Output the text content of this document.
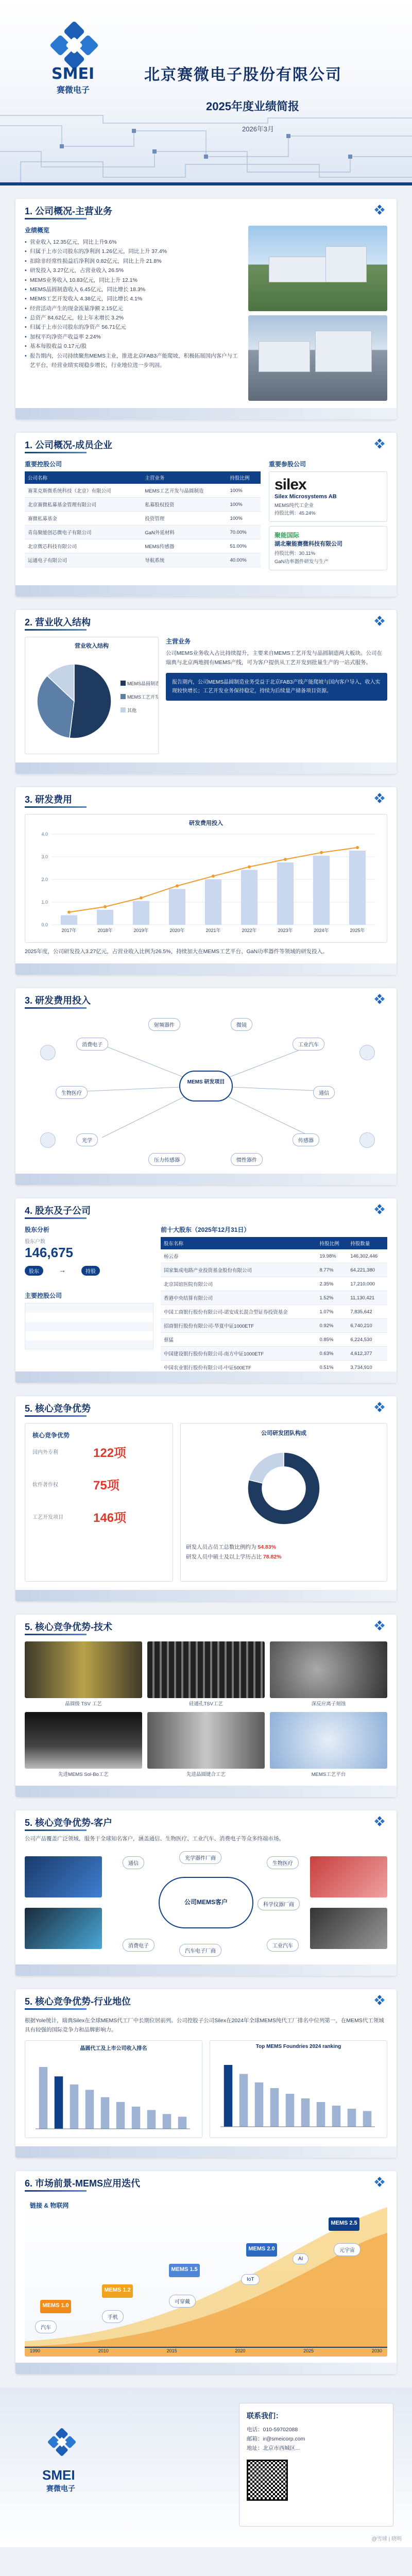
SMEI
赛微电子
北京赛微电子股份有限公司
2025年度业绩简报
2026年3月
1. 公司概况-主营业务
业绩概览
• 营业收入 12.35亿元，同比上升9.6%
• 归属于上市公司股东的净利润 1.26亿元，同比上升 37.4%
• 扣除非经常性损益后净利润 0.82亿元，同比上升 21.8%
• 研发投入 3.27亿元，占营业收入 26.5%
• MEMS业务收入 10.83亿元，同比上升 12.1%
• MEMS晶圆制造收入 6.45亿元，同比增长 18.3%
• MEMS工艺开发收入 4.38亿元，同比增长 4.1%
• 经营活动产生的现金流量净额 2.15亿元
• 总资产 84.62亿元，较上年末增长 3.2%
• 归属于上市公司股东的净资产 56.71亿元
• 加权平均净资产收益率 2.24%
• 基本每股收益 0.17元/股
• 报告期内，公司持续聚焦MEMS主业，推进北京FAB3产能爬坡，积极拓展国内客户与工艺平台，经营业绩实现稳步增长，行业地位进一步巩固。
1. 公司概况-成员企业
重要控股公司
公司名称	主营业务	持股比例
赛莱克斯微系统科技（北京）有限公司	MEMS工艺开发与晶圆制造	100%
北京赛微私募基金管理有限公司	私募股权投资	100%
赛微私募基金	投资管理	100%
青岛聚能创芯微电子有限公司	GaN外延材料	70.00%
北京微芯科技有限公司	MEMS传感器	51.00%
运通电子有限公司	导航系统	40.00%
重要参股公司
silex
Silex Microsystems AB
MEMS纯代工企业
持股比例：45.24%
聚能国际
湖北聚能赛微科技有限公司
持股比例：30.11%
GaN功率器件研发与生产
2. 营业收入结构
营业收入结构
MEMS晶圆制造
MEMS工艺开发
其他
主营业务
公司MEMS业务收入占比持续提升，主要来自MEMS工艺开发与晶圆制造两大板块。公司在瑞典与北京两地拥有MEMS产线，可为客户提供从工艺开发到批量生产的一站式服务。
报告期内，公司MEMS晶圆制造业务受益于北京FAB3产线产能爬坡与国内客户导入，收入实现较快增长；工艺开发业务保持稳定，持续为后续量产储备项目资源。
3. 研发费用
研发费用投入
0.0
1.0
2.0
3.0
4.0
2017年	2018年	2019年	2020年	2021年	2022年	2023年	2024年	2025年
2025年度，公司研发投入3.27亿元，占营业收入比例为26.5%，持续加大在MEMS工艺平台、GaN功率器件等领域的研发投入。
3. 研发费用投入
MEMS 研发项目
消费电子	工业汽车
生物医疗	通信
光学	传感器
射频器件	微镜
压力传感器	惯性器件
4. 股东及子公司
股东分析
股东户数
146,675
股东	→	持股
主要控股公司
前十大股东（2025年12月31日）
股东名称	持股比例	持股数量
杨云春	19.98%	146,302,446
国家集成电路产业投资基金股份有限公司	8.77%	64,221,380
北京国谊医院有限公司	2.35%	17,210,000
香港中央结算有限公司	1.52%	11,130,421
中国工商银行股份有限公司-诺安成长混合型证券投资基金	1.07%	7,835,642
招商银行股份有限公司-华夏中证1000ETF	0.92%	6,740,210
蔡猛	0.85%	6,224,530
中国建设银行股份有限公司-南方中证1000ETF	0.63%	4,612,377
中国农业银行股份有限公司-中证500ETF	0.51%	3,734,910

5. 核心竞争优势
核心竞争优势
国内外专利	122项
软件著作权	75项
工艺开发项目	146项
公司研发团队构成
研发人员占员工总数比例约为 54.83%
研发人员中硕士及以上学历占比 78.82%
5. 核心竞争优势-技术
晶圆级 TSV 工艺	硅通孔TSV工艺	深反应离子刻蚀
先进MEMS Sol-Bo工艺	先进晶圆键合工艺	MEMS工艺平台
5. 核心竞争优势-客户
公司产品覆盖广泛领域，服务于全球知名客户，涵盖通信、生物医疗、工业汽车、消费电子等众多终端市场。
公司MEMS客户
通信
消费电子
生物医疗
工业汽车
光学器件厂商
汽车电子厂商
科学仪器厂商
5. 核心竞争优势-行业地位
根据Yole统计，瑞典Silex在全球MEMS代工厂中长期位居前列。公司控股子公司Silex在2024年全球MEMS纯代工厂排名中位列第一，在MEMS代工领域具有较强的国际竞争力和品牌影响力。
晶圆代工及上市公司收入排名	Top MEMS Foundries 2024 ranking
6. 市场前景-MEMS应用迭代
链接 & 物联网
MEMS 1.0
MEMS 1.2
MEMS 1.5
MEMS 2.0
MEMS 2.5
1990	2010	2015	2020	2025	2030
汽车
手机
可穿戴
IoT
AI
元宇宙
SMEI
赛微电子
联系我们：
电话：010-59702088
邮箱：ir@smeicorp.com
地址：北京市西城区...
@雪球 | 晓明
